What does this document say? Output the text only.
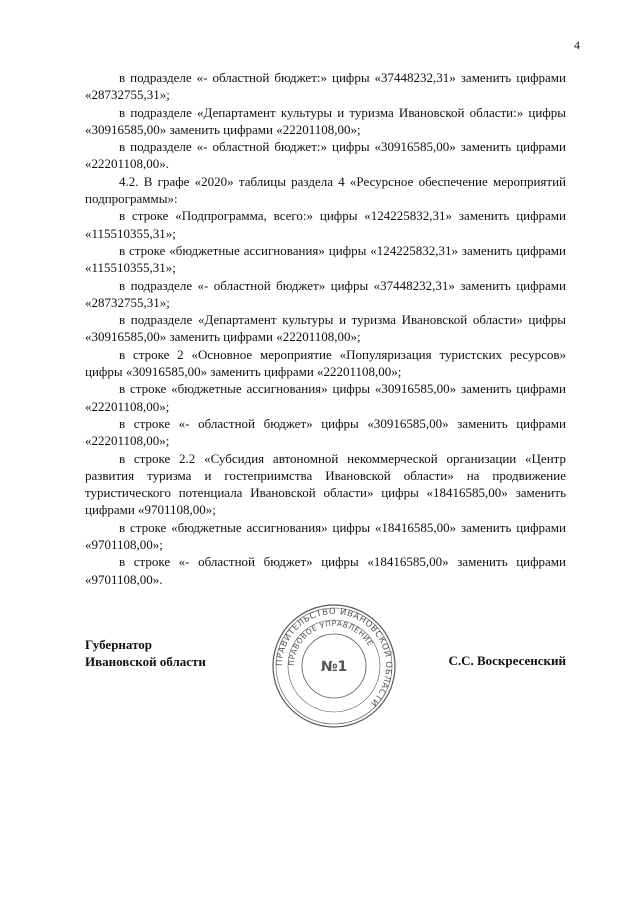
4

в подразделе «- областной бюджет:» цифры «37448232,31» заменить цифрами «28732755,31»;

в подразделе «Департамент культуры и туризма Ивановской области:» цифры «30916585,00» заменить цифрами «22201108,00»;

в подразделе «- областной бюджет:» цифры «30916585,00» заменить цифрами «22201108,00».

4.2. В графе «2020» таблицы раздела 4 «Ресурсное обеспечение мероприятий подпрограммы»:

в строке «Подпрограмма, всего:» цифры «124225832,31» заменить цифрами «115510355,31»;

в строке «бюджетные ассигнования» цифры «124225832,31» заменить цифрами «115510355,31»;

в подразделе «- областной бюджет» цифры «37448232,31» заменить цифрами «28732755,31»;

в подразделе «Департамент культуры и туризма Ивановской области» цифры «30916585,00» заменить цифрами «22201108,00»;

в строке 2 «Основное мероприятие «Популяризация туристских ресурсов» цифры «30916585,00» заменить цифрами «22201108,00»;

в строке «бюджетные ассигнования» цифры «30916585,00» заменить цифрами «22201108,00»;

в строке «- областной бюджет» цифры «30916585,00» заменить цифрами «22201108,00»;

в строке 2.2 «Субсидия автономной некоммерческой организации «Центр развития туризма и гостеприимства Ивановской области» на продвижение туристического потенциала Ивановской области» цифры «18416585,00» заменить цифрами «9701108,00»;

в строке «бюджетные ассигнования» цифры «18416585,00» заменить цифрами «9701108,00»;

в строке «- областной бюджет» цифры «18416585,00» заменить цифрами «9701108,00».

Губернатор
Ивановской области	ПРАВИТЕЛЬСТВО ИВАНОВСКОЙ ОБЛАСТИ
ПРАВОВОЕ УПРАВЛЕНИЕ
№1	С.С. Воскресенский
